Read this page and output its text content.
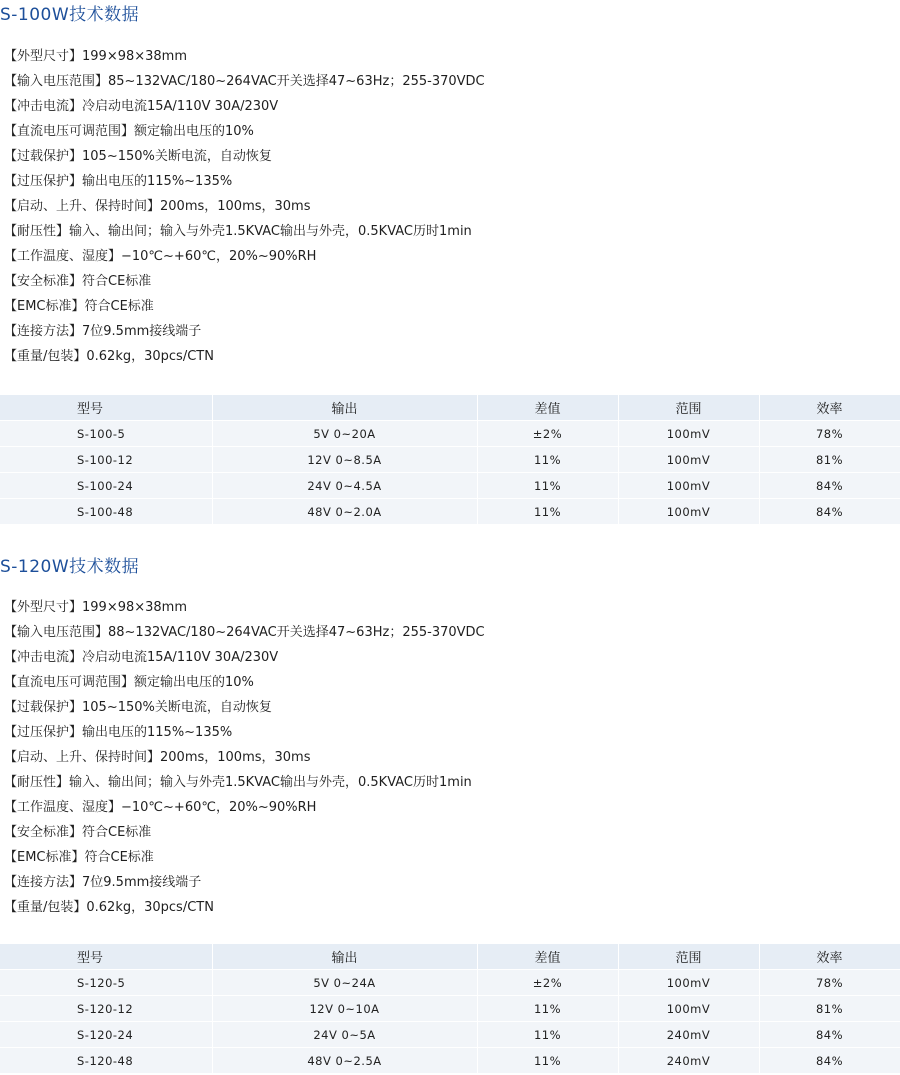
S-100W技术数据
【外型尺寸】199×98×38mm
【输入电压范围】85~132VAC/180~264VAC开关选择47~63Hz；255-370VDC
【冲击电流】冷启动电流15A/110V 30A/230V
【直流电压可调范围】额定输出电压的10%
【过载保护】105~150%关断电流，自动恢复
【过压保护】输出电压的115%~135%
【启动、上升、保持时间】200ms，100ms，30ms
【耐压性】输入、输出间；输入与外壳1.5KVAC输出与外壳，0.5KVAC历时1min
【工作温度、湿度】−10℃~+60℃，20%~90%RH
【安全标准】符合CE标准
【EMC标准】符合CE标准
【连接方法】7位9.5mm接线端子
【重量/包装】0.62kg，30pcs/CTN
型号	输出	差值	范围	效率
S-100-5	5V 0~20A	±2%	100mV	78%
S-100-12	12V 0~8.5A	11%	100mV	81%
S-100-24	24V 0~4.5A	11%	100mV	84%
S-100-48	48V 0~2.0A	11%	100mV	84%
S-120W技术数据
【外型尺寸】199×98×38mm
【输入电压范围】88~132VAC/180~264VAC开关选择47~63Hz；255-370VDC
【冲击电流】冷启动电流15A/110V 30A/230V
【直流电压可调范围】额定输出电压的10%
【过载保护】105~150%关断电流，自动恢复
【过压保护】输出电压的115%~135%
【启动、上升、保持时间】200ms，100ms，30ms
【耐压性】输入、输出间；输入与外壳1.5KVAC输出与外壳，0.5KVAC历时1min
【工作温度、湿度】−10℃~+60℃，20%~90%RH
【安全标准】符合CE标准
【EMC标准】符合CE标准
【连接方法】7位9.5mm接线端子
【重量/包装】0.62kg，30pcs/CTN
型号	输出	差值	范围	效率
S-120-5	5V 0~24A	±2%	100mV	78%
S-120-12	12V 0~10A	11%	100mV	81%
S-120-24	24V 0~5A	11%	240mV	84%
S-120-48	48V 0~2.5A	11%	240mV	84%
